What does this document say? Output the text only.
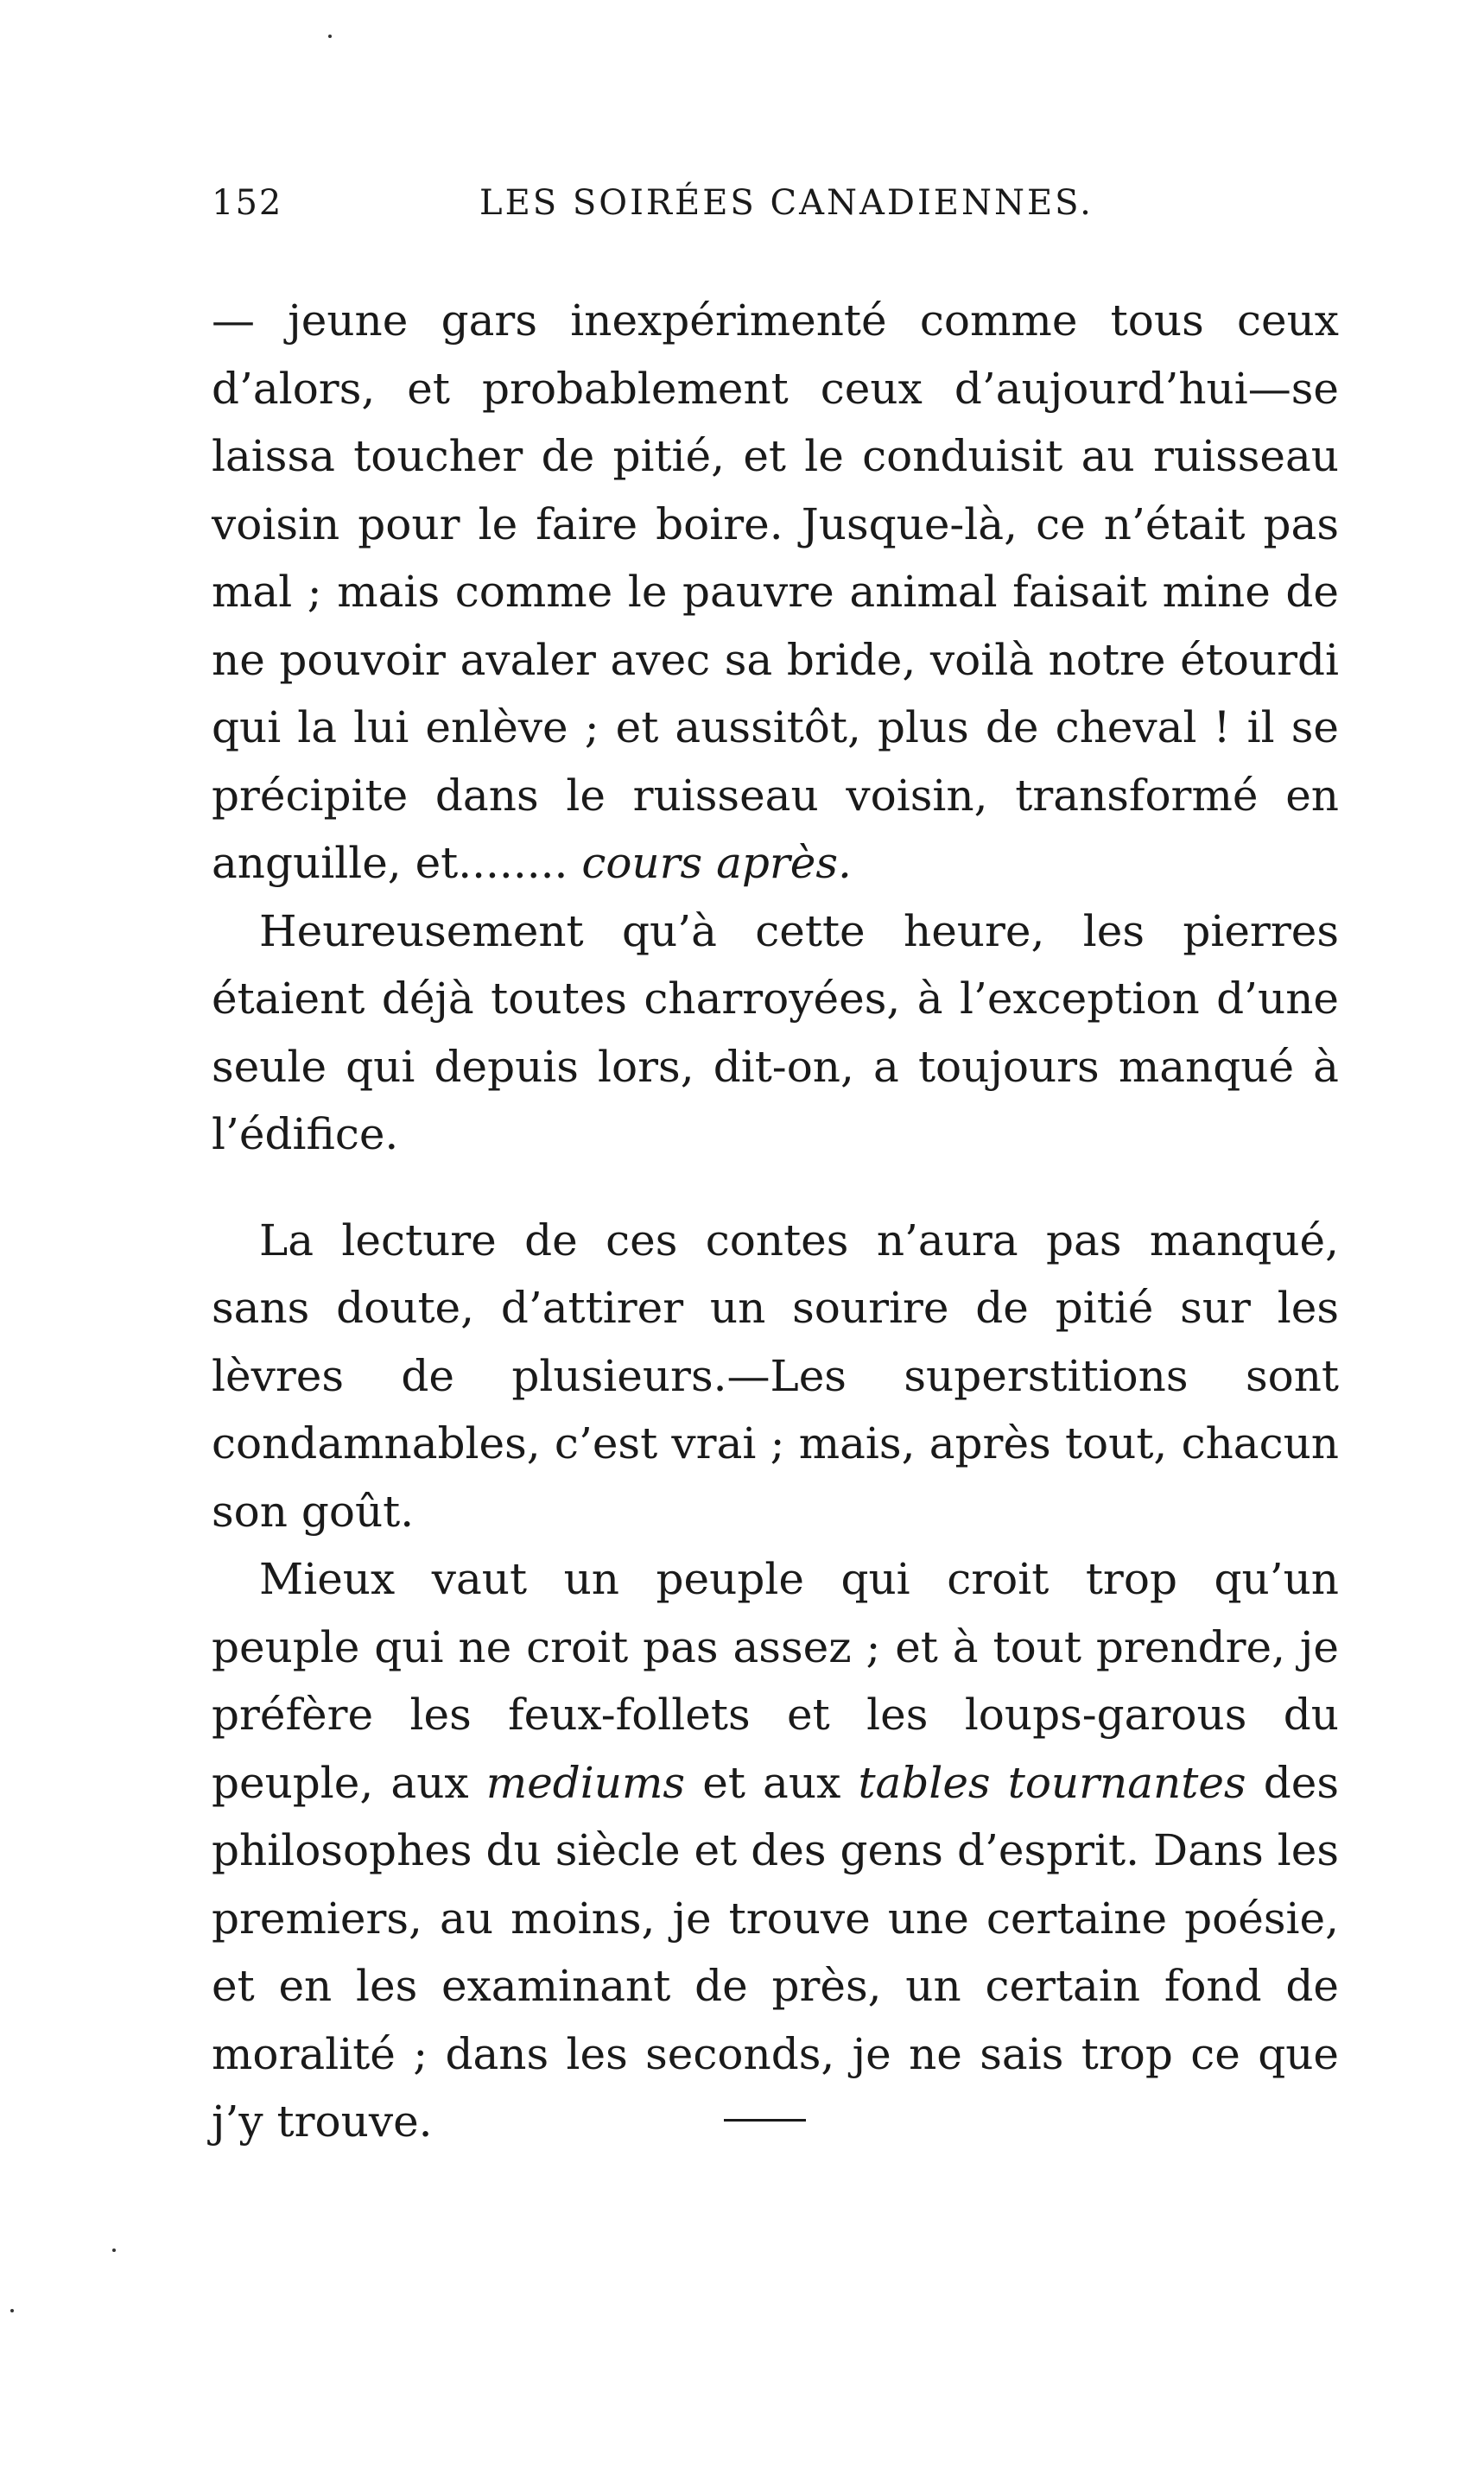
152	LES SOIRÉES CANADIENNES.

— jeune gars inexpérimenté comme tous ceux d’alors, et probablement ceux d’aujourd’hui—se laissa toucher de pitié, et le conduisit au ruisseau voisin pour le faire boire. Jusque-là, ce n’était pas mal ; mais comme le pauvre animal faisait mine de ne pouvoir avaler avec sa bride, voilà notre étourdi qui la lui enlève ; et aussitôt, plus de cheval ! il se précipite dans le ruisseau voisin, transformé en anguille, et........ cours après.

Heureusement qu’à cette heure, les pierres étaient déjà toutes charroyées, à l’exception d’une seule qui depuis lors, dit-on, a toujours manqué à l’édifice.

La lecture de ces contes n’aura pas manqué, sans doute, d’attirer un sourire de pitié sur les lèvres de plusieurs.—Les superstitions sont condamnables, c’est vrai ; mais, après tout, chacun son goût.

Mieux vaut un peuple qui croit trop qu’un peuple qui ne croit pas assez ; et à tout prendre, je préfère les feux-follets et les loups-garous du peuple, aux mediums et aux tables tournantes des philosophes du siècle et des gens d’esprit. Dans les premiers, au moins, je trouve une certaine poésie, et en les examinant de près, un certain fond de moralité ; dans les seconds, je ne sais trop ce que j’y trouve.
